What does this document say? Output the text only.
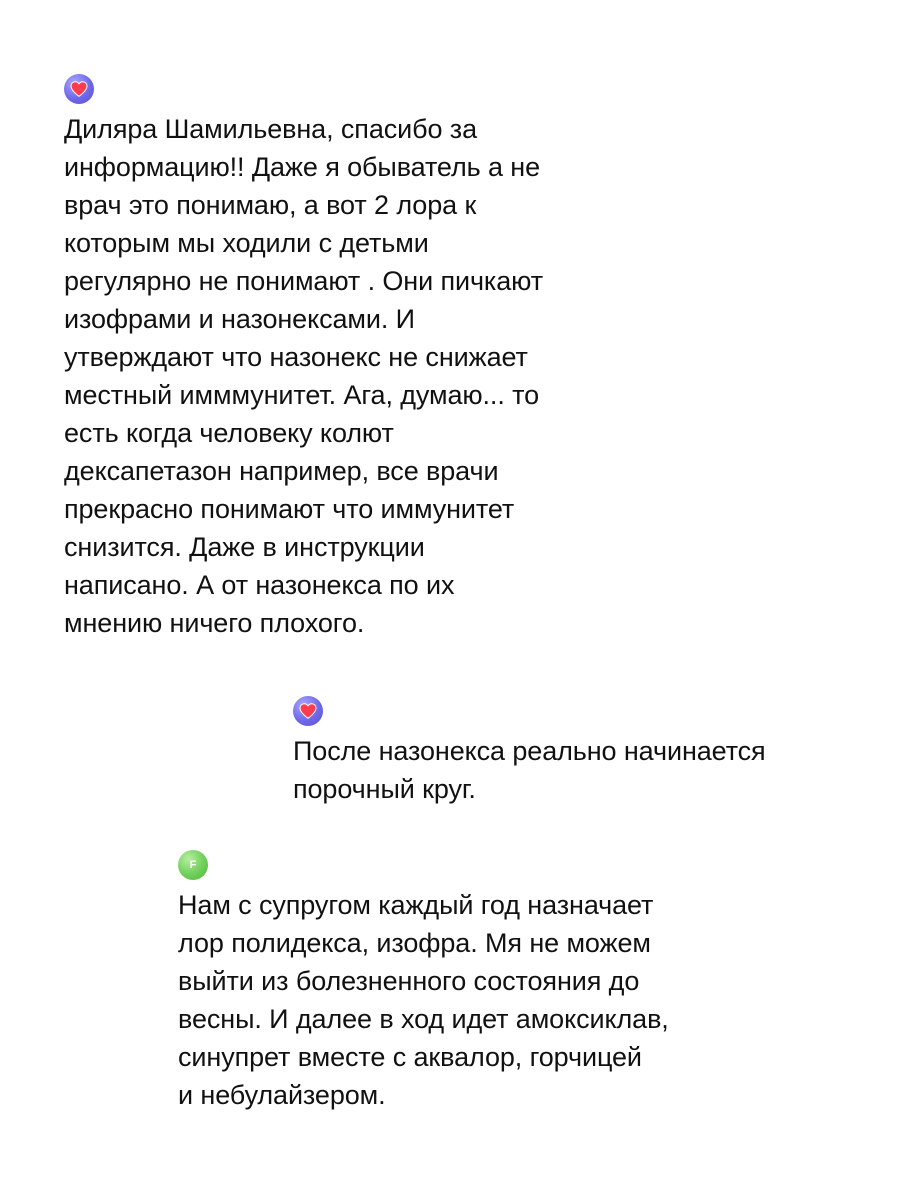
Диляра Шамильевна, спасибо за
информацию!! Даже я обыватель а не
врач это понимаю, а вот 2 лора к
которым мы ходили с детьми
регулярно не понимают . Они пичкают
изофрами и назонексами. И
утверждают что назонекс не снижает
местный имммунитет. Ага, думаю... то
есть когда человеку колют
дексапетазон например, все врачи
прекрасно понимают что иммунитет
снизится. Даже в инструкции
написано. А от назонекса по их
мнению ничего плохого.
После назонекса реально начинается
порочный круг.
F
Нам с супругом каждый год назначает
лор полидекса, изофра. Мя не можем
выйти из болезненного состояния до
весны. И далее в ход идет амоксиклав,
синупрет вместе с аквалор, горчицей
и небулайзером.
